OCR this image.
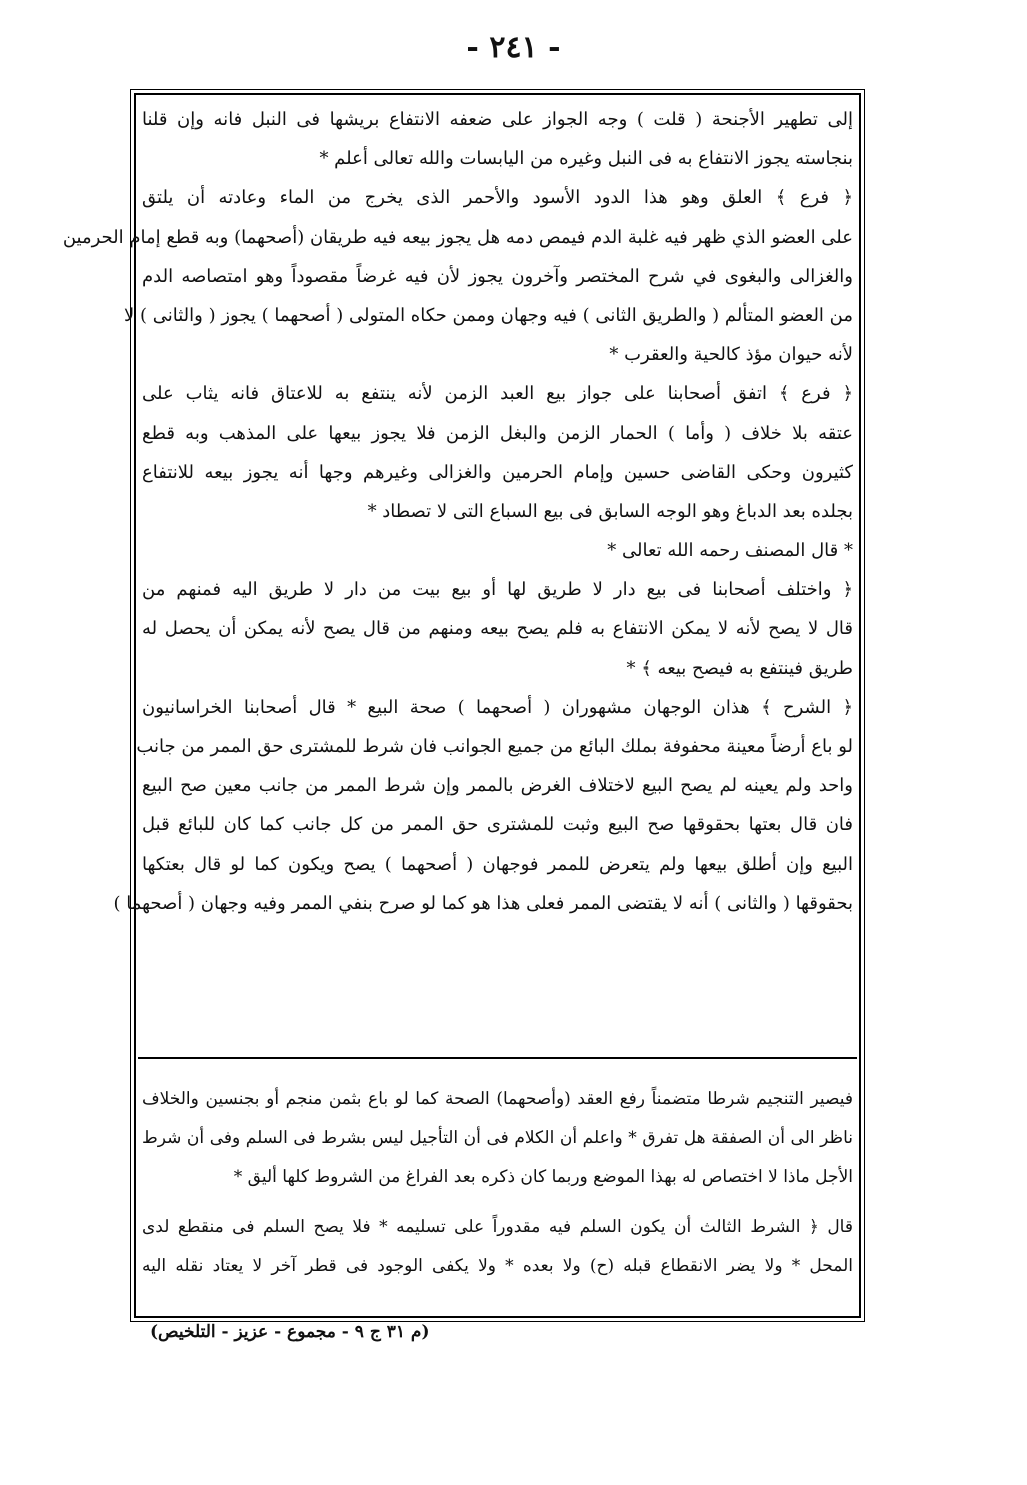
- ٢٤١ -
إلى تطهير الأجنحة ( قلت ) وجه الجواز على ضعفه الانتفاع بريشها فى النبل فانه وإن قلنا
بنجاسته يجوز الانتفاع به فى النبل وغيره من اليابسات والله تعالى أعلم *
﴿ فرع ﴾ العلق وهو هذا الدود الأسود والأحمر الذى يخرج من الماء وعادته أن يلتق
على العضو الذي ظهر فيه غلبة الدم فيمص دمه هل يجوز بيعه فيه طريقان (أصحهما) وبه قطع إمام الحرمين
والغزالى والبغوى في شرح المختصر وآخرون يجوز لأن فيه غرضاً مقصوداً وهو امتصاصه الدم
من العضو المتألم ( والطريق الثانى ) فيه وجهان وممن حكاه المتولى ( أصحهما ) يجوز ( والثانى ) لا
لأنه حيوان مؤذ كالحية والعقرب *
﴿ فرع ﴾ اتفق أصحابنا على جواز بيع العبد الزمن لأنه ينتفع به للاعتاق فانه يثاب على
عتقه بلا خلاف ( وأما ) الحمار الزمن والبغل الزمن فلا يجوز بيعها على المذهب وبه قطع
كثيرون وحكى القاضى حسين وإمام الحرمين والغزالى وغيرهم وجها أنه يجوز بيعه للانتفاع
بجلده بعد الدباغ وهو الوجه السابق فى بيع السباع التى لا تصطاد *
* قال المصنف رحمه الله تعالى *
﴿ واختلف أصحابنا فى بيع دار لا طريق لها أو بيع بيت من دار لا طريق اليه فمنهم من
قال لا يصح لأنه لا يمكن الانتفاع به فلم يصح بيعه ومنهم من قال يصح لأنه يمكن أن يحصل له
طريق فينتفع به فيصح بيعه ﴾ *
﴿ الشرح ﴾ هذان الوجهان مشهوران ( أصحهما ) صحة البيع * قال أصحابنا الخراسانيون
لو باع أرضاً معينة محفوفة بملك البائع من جميع الجوانب فان شرط للمشترى حق الممر من جانب
واحد ولم يعينه لم يصح البيع لاختلاف الغرض بالممر وإن شرط الممر من جانب معين صح البيع
فان قال بعتها بحقوقها صح البيع وثبت للمشترى حق الممر من كل جانب كما كان للبائع قبل
البيع وإن أطلق بيعها ولم يتعرض للممر فوجهان ( أصحهما ) يصح ويكون كما لو قال بعتكها
بحقوقها ( والثانى ) أنه لا يقتضى الممر فعلى هذا هو كما لو صرح بنفي الممر وفيه وجهان ( أصحهما )
فيصير التنجيم شرطا متضمناً رفع العقد (وأصحهما) الصحة كما لو باع بثمن منجم أو بجنسين والخلاف
ناظر الى أن الصفقة هل تفرق * واعلم أن الكلام فى أن التأجيل ليس بشرط فى السلم وفى أن شرط
الأجل ماذا لا اختصاص له بهذا الموضع وربما كان ذكره بعد الفراغ من الشروط كلها أليق *
قال ﴿ الشرط الثالث أن يكون السلم فيه مقدوراً على تسليمه * فلا يصح السلم فى منقطع لدى
المحل * ولا يضر الانقطاع قبله (ح) ولا بعده * ولا يكفى الوجود فى قطر آخر لا يعتاد نقله اليه
(م ٣١ ج ٩ - مجموع - عزيز - التلخيص)
